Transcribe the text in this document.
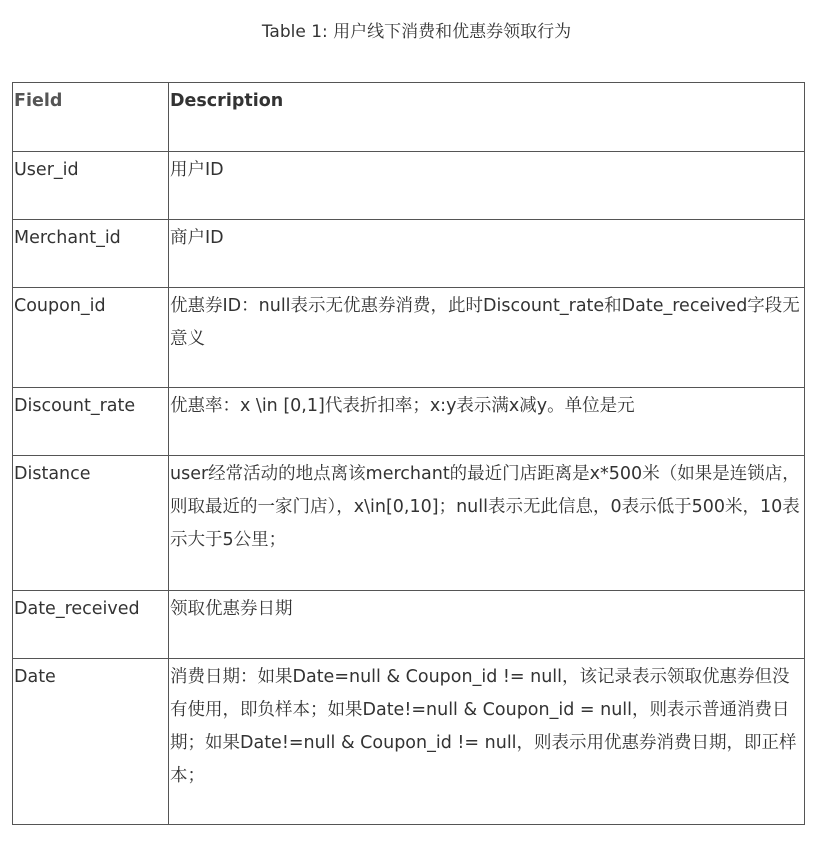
Table 1: 用户线下消费和优惠券领取行为
Field	Description
User_id	用户ID
Merchant_id	商户ID
Coupon_id	优惠券ID：null表示无优惠券消费，此时Discount_rate和Date_received字段无意义
Discount_rate	优惠率：x \in [0,1]代表折扣率；x:y表示满x减y。单位是元
Distance	user经常活动的地点离该merchant的最近门店距离是x*500米（如果是连锁店，则取最近的一家门店），x\in[0,10]；null表示无此信息，0表示低于500米，10表示大于5公里；
Date_received	领取优惠券日期
Date	消费日期：如果Date=null & Coupon_id != null，该记录表示领取优惠券但没有使用，即负样本；如果Date!=null & Coupon_id = null，则表示普通消费日期；如果Date!=null & Coupon_id != null，则表示用优惠券消费日期，即正样本；
